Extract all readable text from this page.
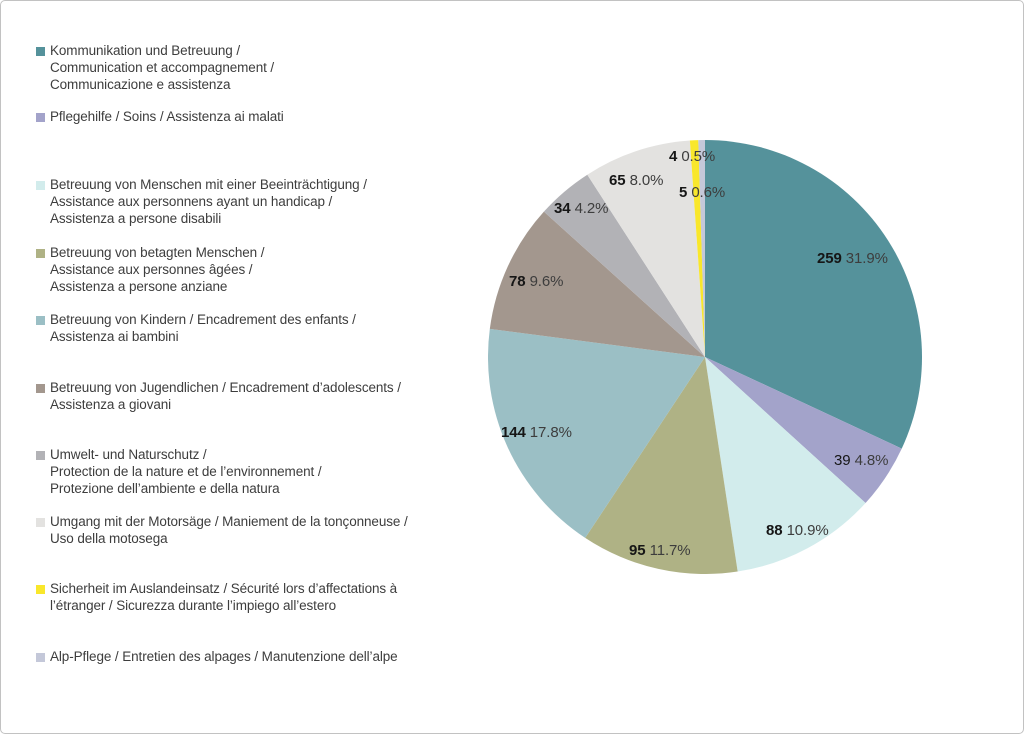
Kommunikation und Betreuung /
Communication et accompagnement /
Communicazione e assistenza
Pflegehilfe / Soins / Assistenza ai malati
Betreuung von Menschen mit einer Beeinträchtigung /
Assistance aux personnens ayant un handicap /
Assistenza a persone disabili
Betreuung von betagten Menschen /
Assistance aux personnes âgées /
Assistenza a persone anziane
Betreuung von Kindern / Encadrement des enfants /
Assistenza ai bambini
Betreuung von Jugendlichen / Encadrement d’adolescents /
Assistenza a giovani
Umwelt- und Naturschutz /
Protection de la nature et de l’environnement /
Protezione dell’ambiente e della natura
Umgang mit der Motorsäge / Maniement de la tonçonneuse /
Uso della motosega
Sicherheit im Auslandeinsatz / Sécurité lors d’affectations à
l’étranger / Sicurezza durante l’impiego all’estero
Alp-Pflege / Entretien des alpages / Manutenzione dell’alpe
259 31.9%
39 4.8%
88 10.9%
95 11.7%
144 17.8%
78 9.6%
34 4.2%
65 8.0%
5 0.6%
4 0.5%
